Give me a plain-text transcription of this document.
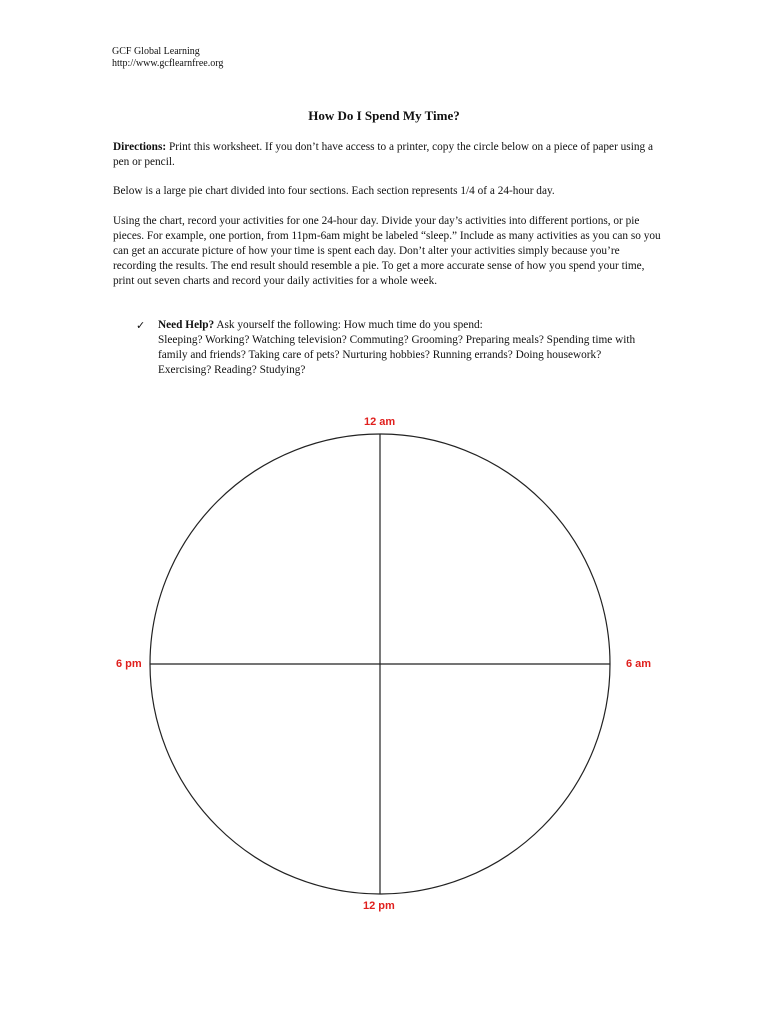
GCF Global Learning
http://www.gcflearnfree.org
How Do I Spend My Time?

Directions: Print this worksheet. If you don’t have access to a printer, copy the circle below on a piece of paper using a pen or pencil.

Below is a large pie chart divided into four sections. Each section represents 1/4 of a 24-hour day.

Using the chart, record your activities for one 24-hour day. Divide your day’s activities into different portions, or pie pieces. For example, one portion, from 11pm-6am might be labeled “sleep.” Include as many activities as you can so you can get an accurate picture of how your time is spent each day. Don’t alter your activities simply because you’re recording the results. The end result should resemble a pie. To get a more accurate sense of how you spend your time, print out seven charts and record your daily activities for a whole week.

✓ Need Help? Ask yourself the following: How much time do you spend:
Sleeping? Working? Watching television? Commuting? Grooming? Preparing meals? Spending time with family and friends? Taking care of pets? Nurturing hobbies? Running errands? Doing housework? Exercising? Reading? Studying?
12 am
6 am
12 pm
6 pm
